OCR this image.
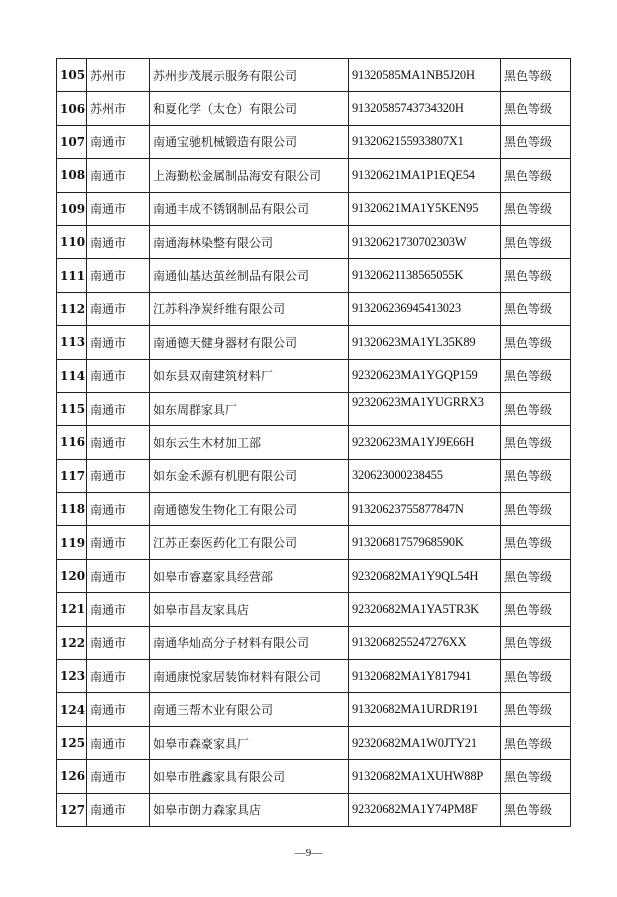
105	苏州市	苏州步茂展示服务有限公司	91320585MA1NB5J20H	黑色等级
106	苏州市	和夏化学（太仓）有限公司	91320585743734320H	黑色等级
107	南通市	南通宝驰机械锻造有限公司	9132062155933807X1	黑色等级
108	南通市	上海勤松金属制品海安有限公司	91320621MA1P1EQE54	黑色等级
109	南通市	南通丰成不锈钢制品有限公司	91320621MA1Y5KEN95	黑色等级
110	南通市	南通海林染整有限公司	91320621730702303W	黑色等级
111	南通市	南通仙基达茧丝制品有限公司	91320621138565055K	黑色等级
112	南通市	江苏科净炭纤维有限公司	913206236945413023	黑色等级
113	南通市	南通德天健身器材有限公司	91320623MA1YL35K89	黑色等级
114	南通市	如东县双南建筑材料厂	92320623MA1YGQP159	黑色等级
115	南通市	如东周群家具厂	92320623MA1YUGRRX3	黑色等级
116	南通市	如东云生木材加工部	92320623MA1YJ9E66H	黑色等级
117	南通市	如东金禾源有机肥有限公司	320623000238455	黑色等级
118	南通市	南通德发生物化工有限公司	91320623755877847N	黑色等级
119	南通市	江苏正泰医药化工有限公司	91320681757968590K	黑色等级
120	南通市	如皋市睿嘉家具经营部	92320682MA1Y9QL54H	黑色等级
121	南通市	如皋市昌友家具店	92320682MA1YA5TR3K	黑色等级
122	南通市	南通华灿高分子材料有限公司	9132068255247276XX	黑色等级
123	南通市	南通康悦家居装饰材料有限公司	91320682MA1Y817941	黑色等级
124	南通市	南通三帮木业有限公司	91320682MA1URDR191	黑色等级
125	南通市	如皋市森豪家具厂	92320682MA1W0JTY21	黑色等级
126	南通市	如皋市胜鑫家具有限公司	91320682MA1XUHW88P	黑色等级
127	南通市	如皋市朗力森家具店	92320682MA1Y74PM8F	黑色等级
—9—
